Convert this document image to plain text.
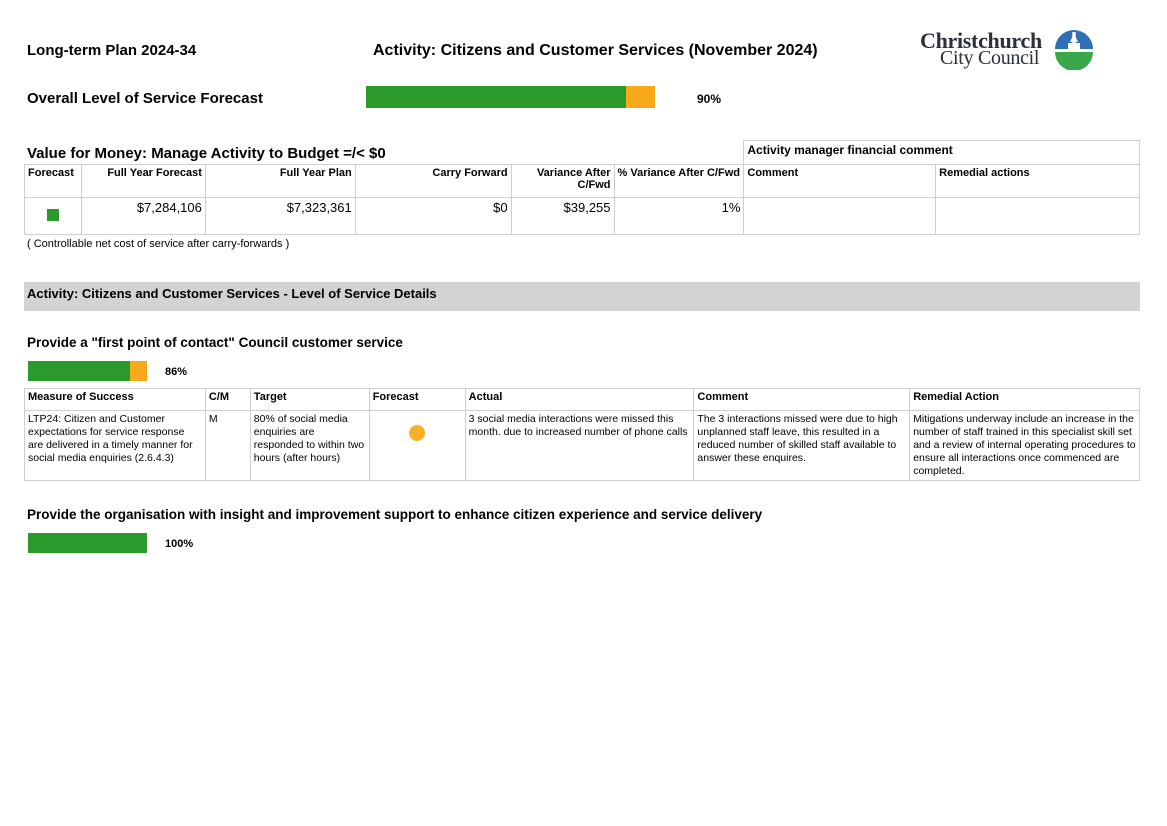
Long-term Plan 2024-34	Activity: Citizens and Customer Services (November 2024)	Christchurch
City Council
Overall Level of Service Forecast	90%
Value for Money: Manage Activity to Budget =/< $0
						Activity manager financial comment	
Forecast	Full Year Forecast	Full Year Plan	Carry Forward	Variance After C/Fwd	% Variance After C/Fwd	Comment	Remedial actions
	$7,284,106	$7,323,361	$0	$39,255	1%		
( Controllable net cost of service after carry-forwards )
Activity: Citizens and Customer Services - Level of Service Details
Provide a "first point of contact" Council customer service
86%
Measure of Success	C/M	Target	Forecast	Actual	Comment	Remedial Action
LTP24: Citizen and Customer expectations for service response are delivered in a timely manner for social media enquiries (2.6.4.3)	M	80% of social media enquiries are responded to within two hours (after hours)		3 social media interactions were missed this month. due to increased number of phone calls	The 3 interactions missed were due to high unplanned staff leave, this resulted in a reduced number of skilled staff available to answer these enquires.	Mitigations underway include an increase in the number of staff trained in this specialist skill set and a review of internal operating procedures to ensure all interactions once commenced are completed.
Provide the organisation with insight and improvement support to enhance citizen experience and service delivery
100%
